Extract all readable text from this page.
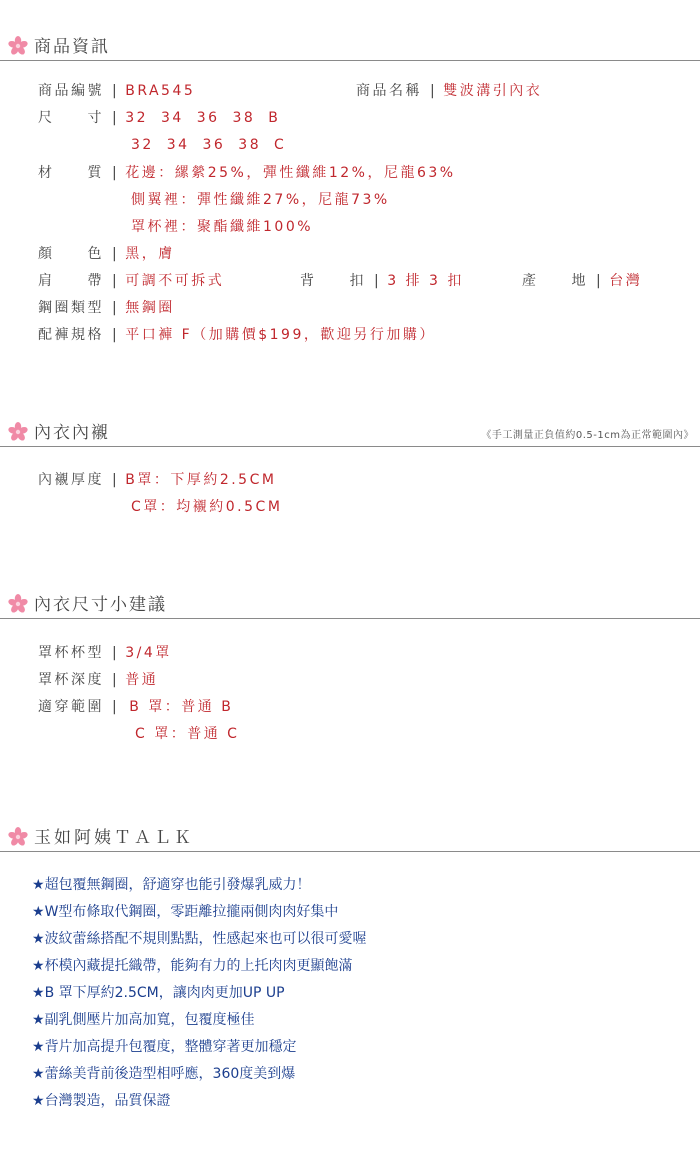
商品資訊
商品編號 | BRA545	商品名稱 | 雙波溝引內衣
尺　　寸 | 32 34 36 38 B
32 34 36 38 C
材　　質 | 花邊：縲縈25%，彈性纖維12%，尼龍63%
側翼裡：彈性纖維27%，尼龍73%
罩杯裡：聚酯纖維100%
顏　　色 | 黑，膚
肩　　帶 | 可調不可拆式	背　　扣 | 3 排 3 扣	產　　地 | 台灣
鋼圈類型 | 無鋼圈
配褲規格 | 平口褲 F（加購價$199，歡迎另行加購）
內衣內襯	《手工測量正負值約0.5-1cm為正常範圍內》
內襯厚度 | B罩：下厚約2.5CM
C罩：均襯約0.5CM
內衣尺寸小建議
罩杯杯型 | 3/4罩
罩杯深度 | 普通
適穿範圍 | B 罩：普通 B
C 罩：普通 C
玉如阿姨ＴＡＬＫ
★超包覆無鋼圈，舒適穿也能引發爆乳威力！
★W型布條取代鋼圈，零距離拉攏兩側肉肉好集中
★波紋蕾絲搭配不規則點點，性感起來也可以很可愛喔
★杯模內藏提托織帶，能夠有力的上托肉肉更顯飽滿
★B 罩下厚約2.5CM，讓肉肉更加UP UP
★副乳側壓片加高加寬，包覆度極佳
★背片加高提升包覆度，整體穿著更加穩定
★蕾絲美背前後造型相呼應，360度美到爆
★台灣製造，品質保證
